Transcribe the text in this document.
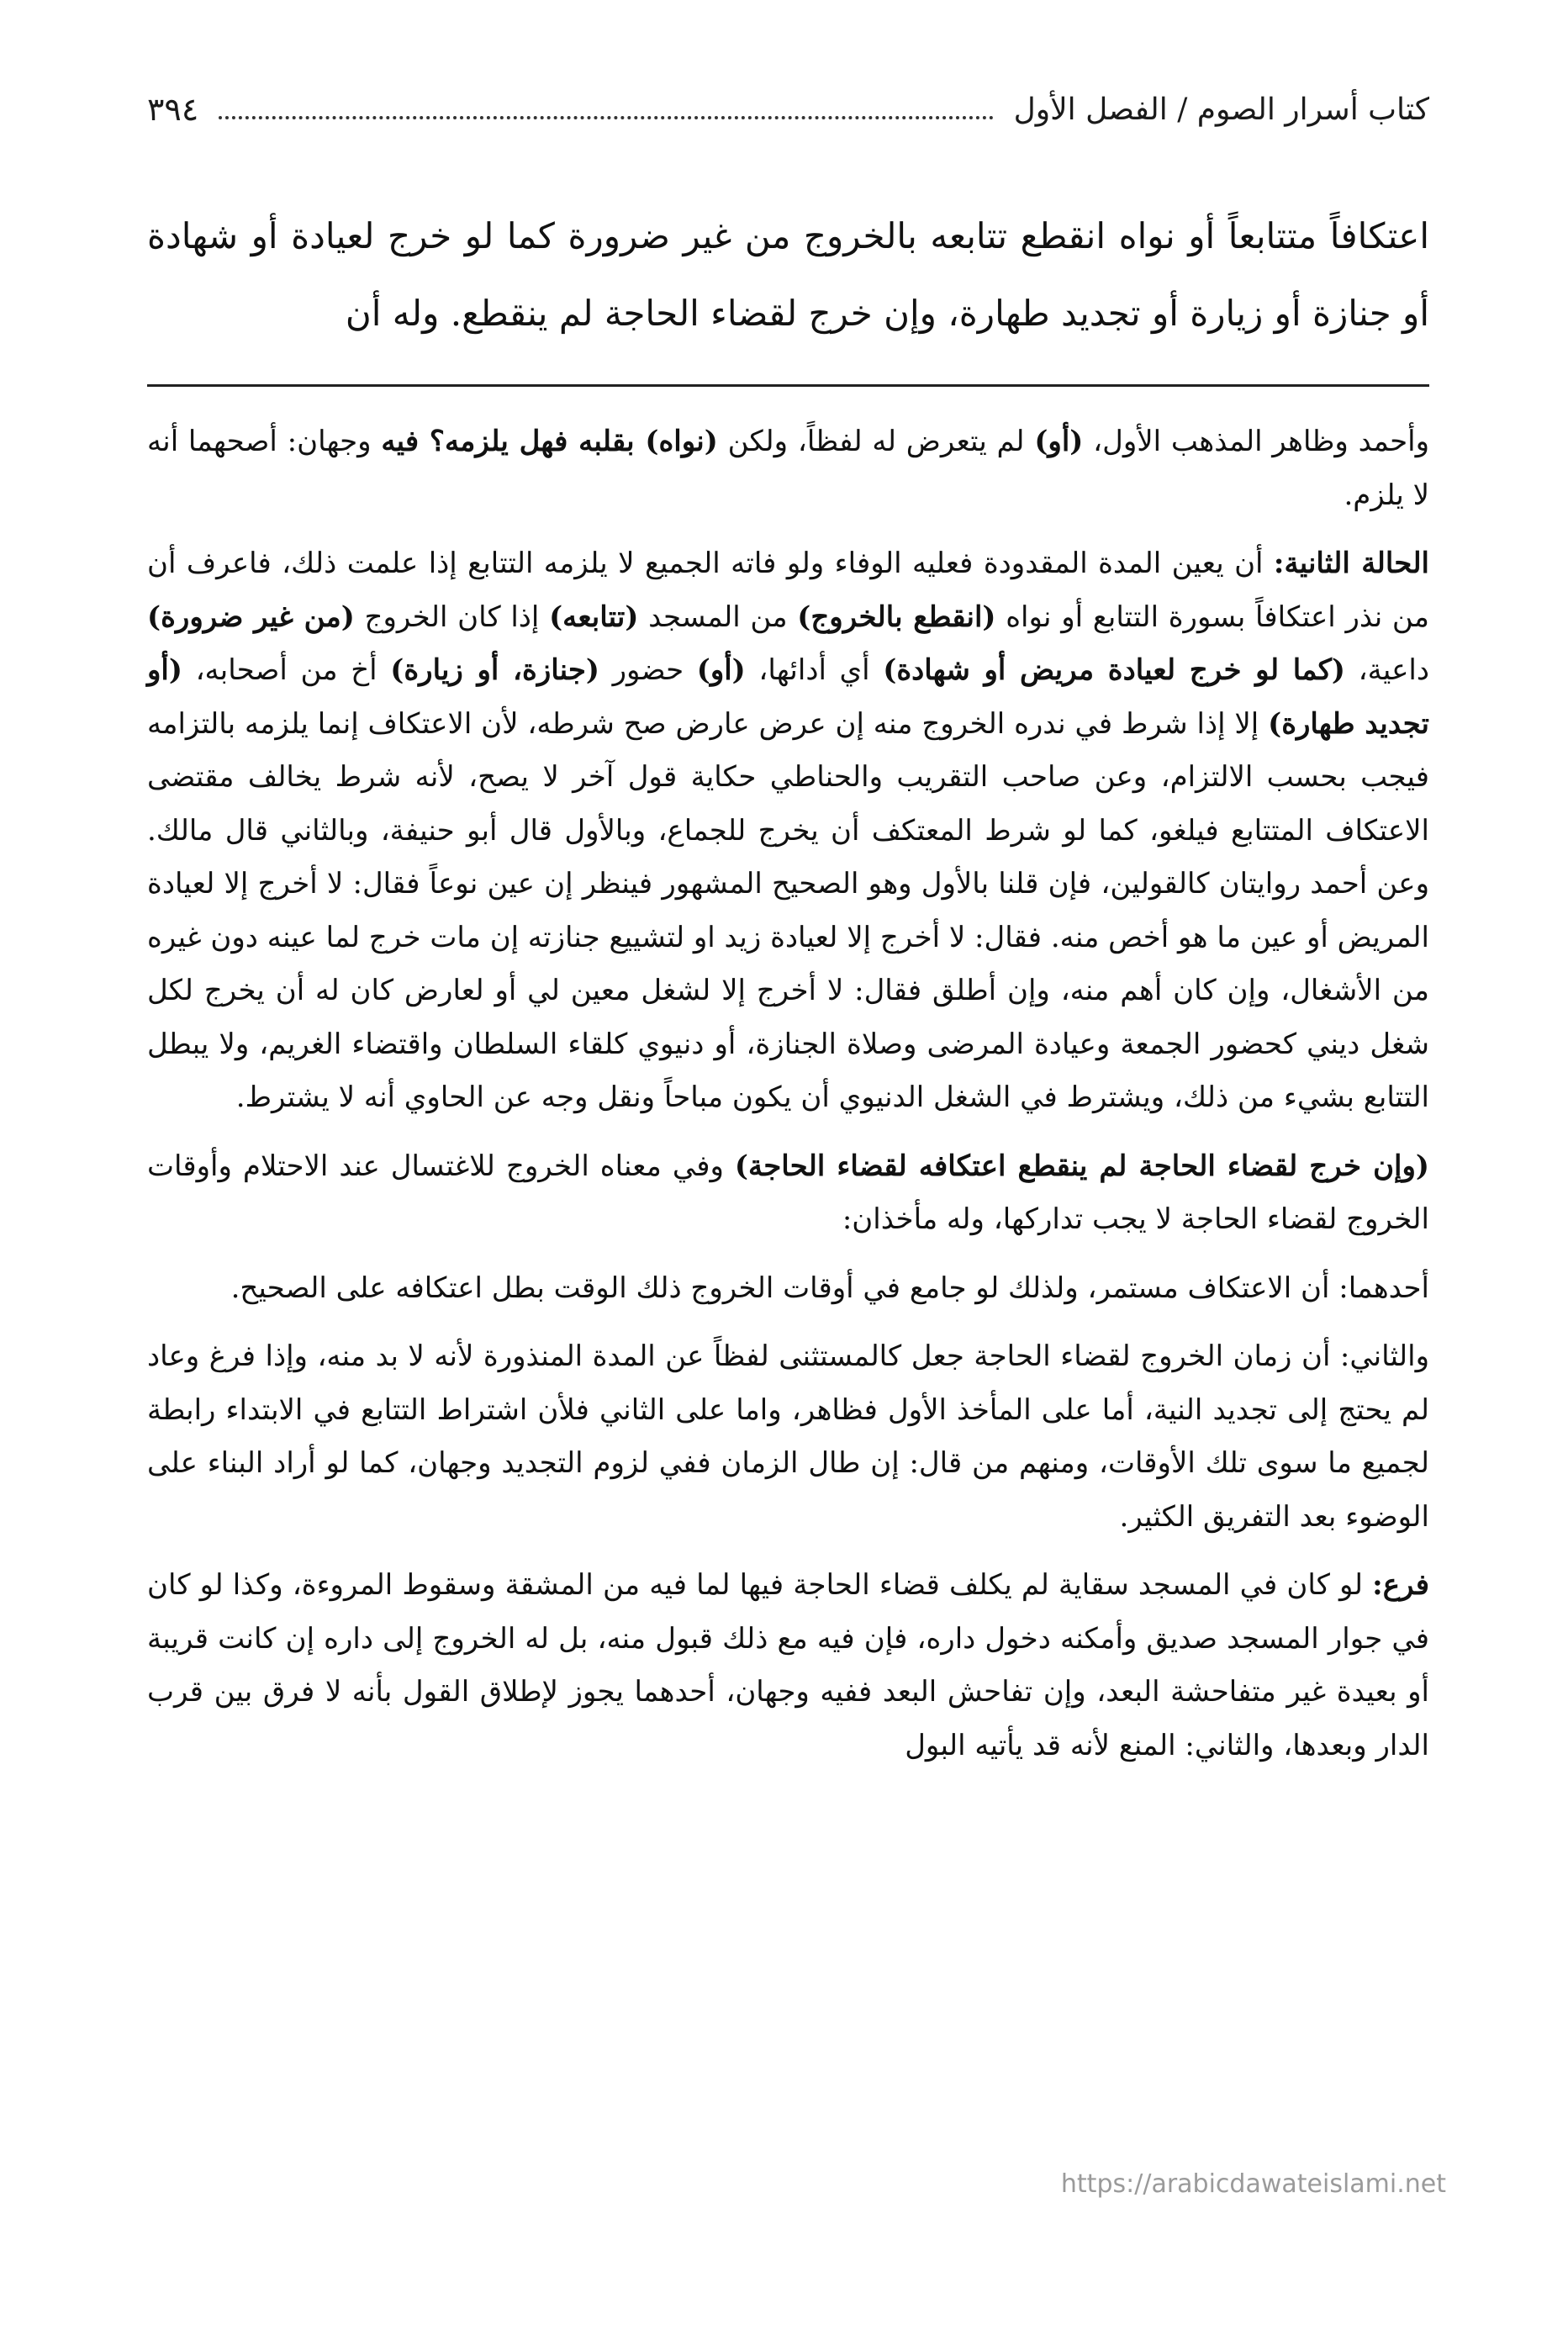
كتاب أسرار الصوم / الفصل الأول
٣٩٤
اعتكافاً متتابعاً أو نواه انقطع تتابعه بالخروج من غير ضرورة كما لو خرج لعيادة أو شهادة أو جنازة أو زيارة أو تجديد طهارة، وإن خرج لقضاء الحاجة لم ينقطع. وله أن

وأحمد وظاهر المذهب الأول، (أو) لم يتعرض له لفظاً، ولكن (نواه) بقلبه فهل يلزمه؟ فيه وجهان: أصحهما أنه لا يلزم.

الحالة الثانية: أن يعين المدة المقدودة فعليه الوفاء ولو فاته الجميع لا يلزمه التتابع إذا علمت ذلك، فاعرف أن من نذر اعتكافاً بسورة التتابع أو نواه (انقطع بالخروج) من المسجد (تتابعه) إذا كان الخروج (من غير ضرورة) داعية، (كما لو خرج لعيادة مريض أو شهادة) أي أدائها، (أو) حضور (جنازة، أو زيارة) أخ من أصحابه، (أو تجديد طهارة) إلا إذا شرط في ندره الخروج منه إن عرض عارض صح شرطه، لأن الاعتكاف إنما يلزمه بالتزامه فيجب بحسب الالتزام، وعن صاحب التقريب والحناطي حكاية قول آخر لا يصح، لأنه شرط يخالف مقتضى الاعتكاف المتتابع فيلغو، كما لو شرط المعتكف أن يخرج للجماع، وبالأول قال أبو حنيفة، وبالثاني قال مالك. وعن أحمد روايتان كالقولين، فإن قلنا بالأول وهو الصحيح المشهور فينظر إن عين نوعاً فقال: لا أخرج إلا لعيادة المريض أو عين ما هو أخص منه. فقال: لا أخرج إلا لعيادة زيد او لتشييع جنازته إن مات خرج لما عينه دون غيره من الأشغال، وإن كان أهم منه، وإن أطلق فقال: لا أخرج إلا لشغل معين لي أو لعارض كان له أن يخرج لكل شغل ديني كحضور الجمعة وعيادة المرضى وصلاة الجنازة، أو دنيوي كلقاء السلطان واقتضاء الغريم، ولا يبطل التتابع بشيء من ذلك، ويشترط في الشغل الدنيوي أن يكون مباحاً ونقل وجه عن الحاوي أنه لا يشترط.

(وإن خرج لقضاء الحاجة لم ينقطع اعتكافه لقضاء الحاجة) وفي معناه الخروج للاغتسال عند الاحتلام وأوقات الخروج لقضاء الحاجة لا يجب تداركها، وله مأخذان:

أحدهما: أن الاعتكاف مستمر، ولذلك لو جامع في أوقات الخروج ذلك الوقت بطل اعتكافه على الصحيح.

والثاني: أن زمان الخروج لقضاء الحاجة جعل كالمستثنى لفظاً عن المدة المنذورة لأنه لا بد منه، وإذا فرغ وعاد لم يحتج إلى تجديد النية، أما على المأخذ الأول فظاهر، واما على الثاني فلأن اشتراط التتابع في الابتداء رابطة لجميع ما سوى تلك الأوقات، ومنهم من قال: إن طال الزمان ففي لزوم التجديد وجهان، كما لو أراد البناء على الوضوء بعد التفريق الكثير.

فرع: لو كان في المسجد سقاية لم يكلف قضاء الحاجة فيها لما فيه من المشقة وسقوط المروءة، وكذا لو كان في جوار المسجد صديق وأمكنه دخول داره، فإن فيه مع ذلك قبول منه، بل له الخروج إلى داره إن كانت قريبة أو بعيدة غير متفاحشة البعد، وإن تفاحش البعد ففيه وجهان، أحدهما يجوز لإطلاق القول بأنه لا فرق بين قرب الدار وبعدها، والثاني: المنع لأنه قد يأتيه البول

https://arabicdawateislami.net
